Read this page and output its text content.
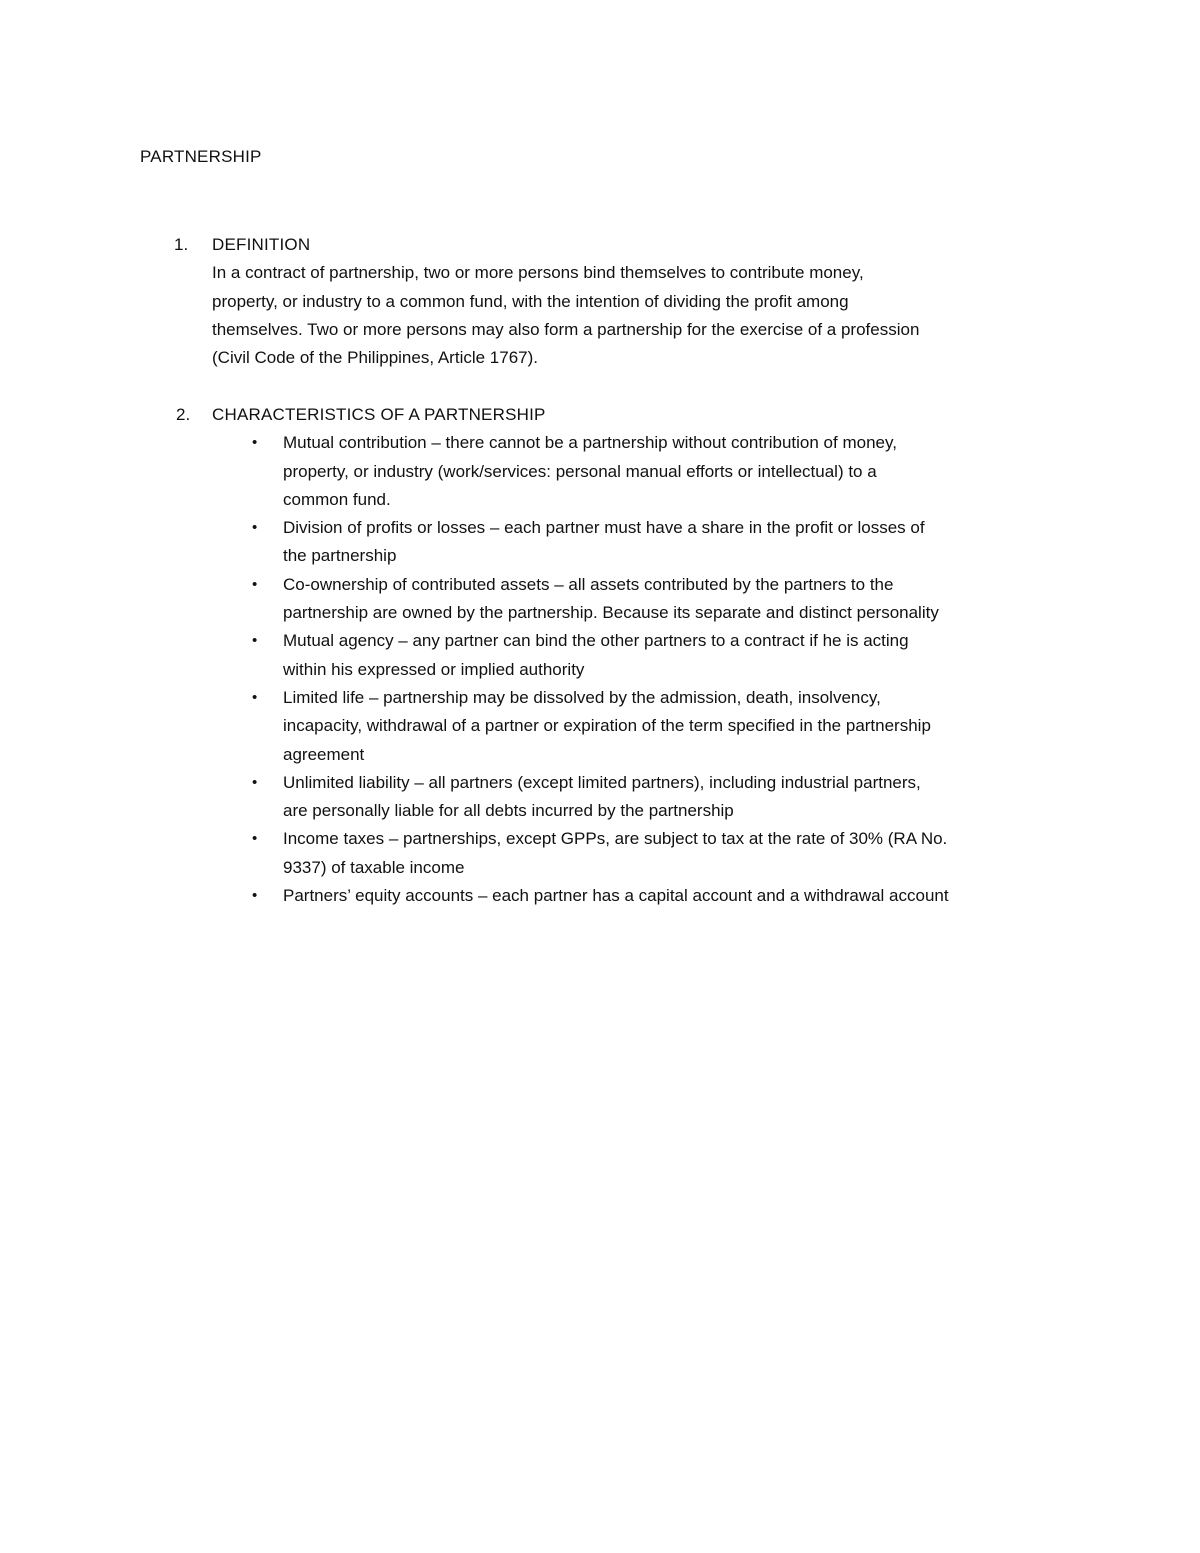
PARTNERSHIP
1.	DEFINITION
In a contract of partnership, two or more persons bind themselves to contribute money,
property, or industry to a common fund, with the intention of dividing the profit among
themselves. Two or more persons may also form a partnership for the exercise of a profession
(Civil Code of the Philippines, Article 1767).
2.	CHARACTERISTICS OF A PARTNERSHIP
• Mutual contribution – there cannot be a partnership without contribution of money,
property, or industry (work/services: personal manual efforts or intellectual) to a
common fund.
• Division of profits or losses – each partner must have a share in the profit or losses of
the partnership
• Co-ownership of contributed assets – all assets contributed by the partners to the
partnership are owned by the partnership. Because its separate and distinct personality
• Mutual agency – any partner can bind the other partners to a contract if he is acting
within his expressed or implied authority
• Limited life – partnership may be dissolved by the admission, death, insolvency,
incapacity, withdrawal of a partner or expiration of the term specified in the partnership
agreement
• Unlimited liability – all partners (except limited partners), including industrial partners,
are personally liable for all debts incurred by the partnership
• Income taxes – partnerships, except GPPs, are subject to tax at the rate of 30% (RA No.
9337) of taxable income
• Partners’ equity accounts – each partner has a capital account and a withdrawal account
